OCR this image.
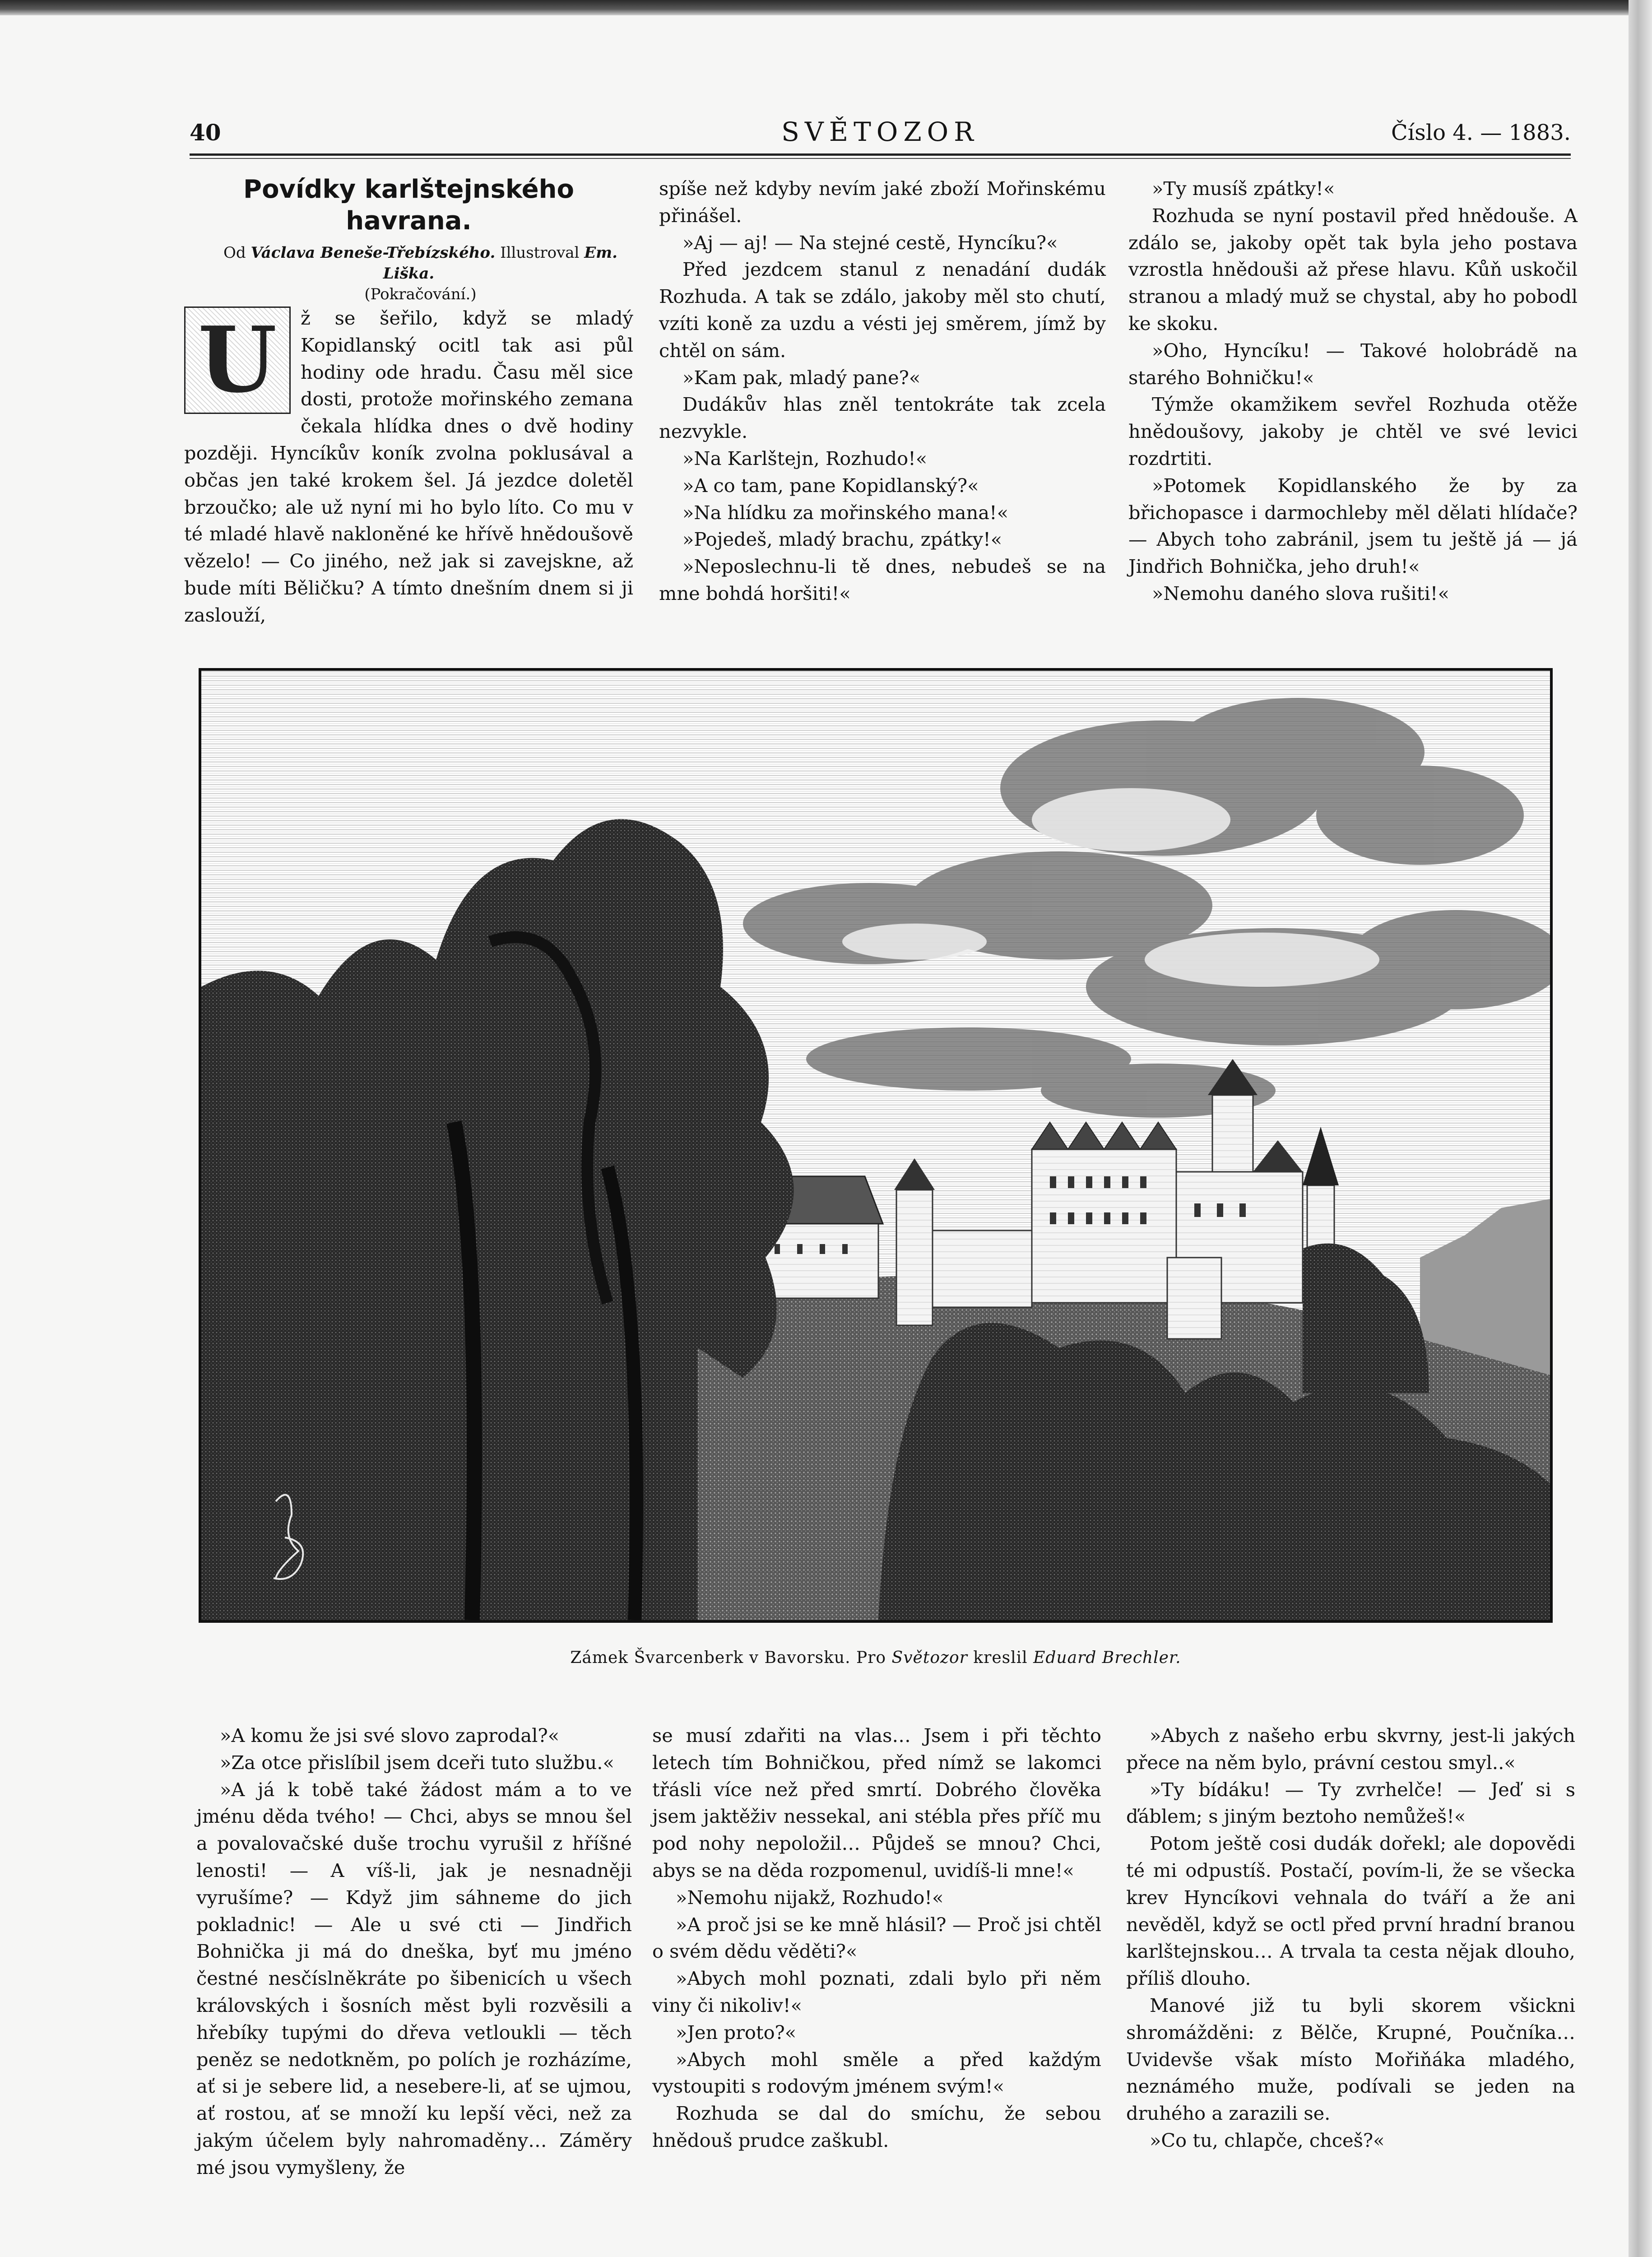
40	SVĚTOZOR	Číslo 4. — 1883.
Povídky karlštejnského havrana.

Od Václava Beneše-Třebízského. Illustroval Em. Liška.

(Pokračování.)

U	ž se šeřilo, když se mladý Kopidlanský ocitl tak asi půl hodiny ode hradu. Času měl sice dosti, protože mořinského zemana čekala hlídka dnes o dvě hodiny později. Hyncíkův koník zvolna poklusával a občas jen také krokem šel. Já jezdce doletěl brzoučko; ale už nyní mi ho bylo líto. Co mu v té mladé hlavě nakloněné ke hřívě hnědoušově vězelo! — Co jiného, než jak si zavejskne, až bude míti Běličku? A tímto dnešním dnem si ji zaslouží,

spíše než kdyby nevím jaké zboží Mořinskému přinášel.

»Aj — aj! — Na stejné cestě, Hyncíku?«

Před jezdcem stanul z nenadání dudák Rozhuda. A tak se zdálo, jakoby měl sto chutí, vzíti koně za uzdu a vésti jej směrem, jímž by chtěl on sám.

»Kam pak, mladý pane?«

Dudákův hlas zněl tentokráte tak zcela nezvykle.

»Na Karlštejn, Rozhudo!«

»A co tam, pane Kopidlanský?«

»Na hlídku za mořinského mana!«

»Pojedeš, mladý brachu, zpátky!«

»Neposlechnu-li tě dnes, nebudeš se na mne bohdá horšiti!«

»Ty musíš zpátky!«

Rozhuda se nyní postavil před hnědouše. A zdálo se, jakoby opět tak byla jeho postava vzrostla hnědouši až přese hlavu. Kůň uskočil stranou a mladý muž se chystal, aby ho pobodl ke skoku.

»Oho, Hyncíku! — Takové holobrádě na starého Bohničku!«

Týmže okamžikem sevřel Rozhuda otěže hnědoušovy, jakoby je chtěl ve své levici rozdrtiti.

»Potomek Kopidlanského že by za břichopasce i darmochleby měl dělati hlídače? — Abych toho zabránil, jsem tu ještě já — já Jindřich Bohnička, jeho druh!«

»Nemohu daného slova rušiti!«

Zámek Švarcenberk v Bavorsku. Pro Světozor kreslil Eduard Brechler.

»A komu že jsi své slovo zaprodal?«

»Za otce přislíbil jsem dceři tuto službu.«

»A já k tobě také žádost mám a to ve jménu děda tvého! — Chci, abys se mnou šel a povalovačské duše trochu vyrušil z hříšné lenosti! — A víš-li, jak je nesnadněji vyrušíme? — Když jim sáhneme do jich pokladnic! — Ale u své cti — Jindřich Bohnička ji má do dneška, byť mu jméno čestné nesčíslněkráte po šibenicích u všech královských i šosních měst byli rozvěsili a hřebíky tupými do dřeva vetloukli — těch peněz se nedotkněm, po polích je rozházíme, ať si je sebere lid, a nesebere-li, ať se ujmou, ať rostou, ať se množí ku lepší věci, než za jakým účelem byly nahromaděny… Záměry mé jsou vymyšleny, že

se musí zdařiti na vlas… Jsem i při těchto letech tím Bohničkou, před nímž se lakomci třásli více než před smrtí. Dobrého člověka jsem jaktěživ nessekal, ani stébla přes příč mu pod nohy nepoložil… Půjdeš se mnou? Chci, abys se na děda rozpomenul, uvidíš-li mne!«

»Nemohu nijakž, Rozhudo!«

»A proč jsi se ke mně hlásil? — Proč jsi chtěl o svém dědu věděti?«

»Abych mohl poznati, zdali bylo při něm viny či nikoliv!«

»Jen proto?«

»Abych mohl směle a před každým vystoupiti s rodovým jménem svým!«

Rozhuda se dal do smíchu, že sebou hnědouš prudce zaškubl.

»Abych z našeho erbu skvrny, jest-li jakých přece na něm bylo, právní cestou smyl..«

»Ty bídáku! — Ty zvrhelče! — Jeď si s ďáblem; s jiným beztoho nemůžeš!«

Potom ještě cosi dudák dořekl; ale dopovědi té mi odpustíš. Postačí, povím-li, že se všecka krev Hyncíkovi vehnala do tváří a že ani nevěděl, když se octl před první hradní branou karlštejnskou… A trvala ta cesta nějak dlouho, příliš dlouho.

Manové již tu byli skorem všickni shromážděni: z Bělče, Krupné, Poučníka… Uvidevše však místo Mořiňáka mladého, neznámého muže, podívali se jeden na druhého a zarazili se.

»Co tu, chlapče, chceš?«
